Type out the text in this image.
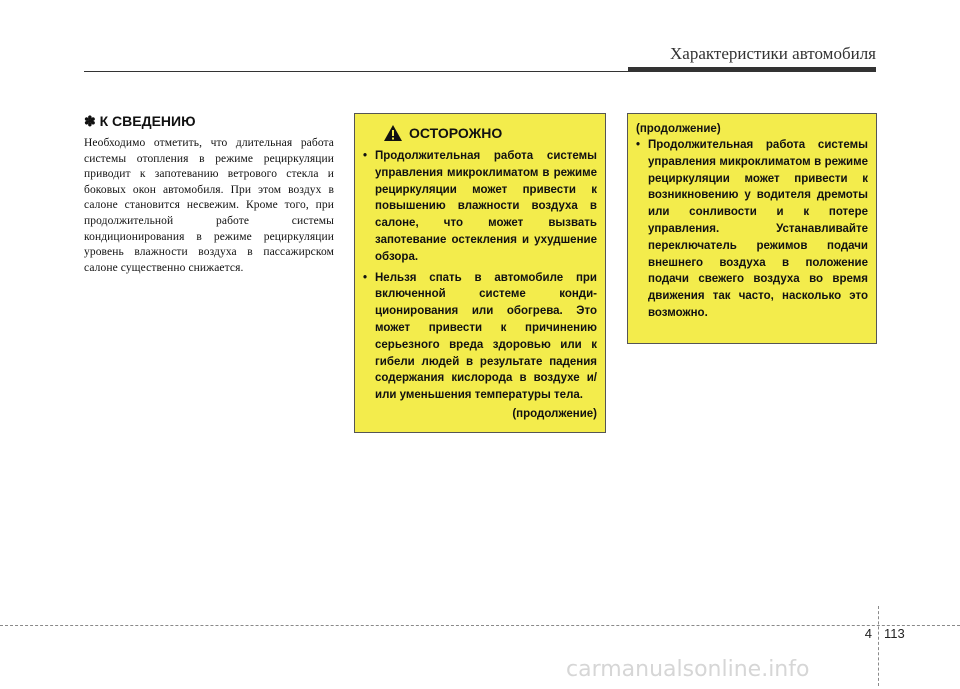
Характеристики автомобиля
✽ К СВЕДЕНИЮ

Необходимо отметить, что длительная работа системы отопления в режиме рециркуляции приводит к запотеванию ветрового стекла и боковых окон автомобиля. При этом воздух в салоне становится несвежим. Кроме того, при продолжительной работе системы кондиционирования в режиме рециркуляции уровень влажности воздуха в пассажирском салоне существенно снижается.

ОСТОРОЖНО
• Продолжительная работа системы управления микроклиматом в режиме рециркуляции может привести к повышению влажности воздуха в салоне, что может вызвать запотевание остекления и ухудшение обзора.
• Нельзя спать в автомобиле при включенной системе конди-ционирования или обогрева. Это может привести к причинению серьезного вреда здоровью или к гибели людей в результате падения содержания кислорода в воздухе и/или уменьшения температуры тела.
(продолжение)
(продолжение)
• Продолжительная работа системы управления микроклиматом в режиме рециркуляции может привести к возникновению у водителя дремоты или сонливости и к потере управления. Устанавливайте переключатель режимов подачи внешнего воздуха в положение подачи свежего воздуха во время движения так часто, насколько это возможно.
4 113
carmanualsonline.info
